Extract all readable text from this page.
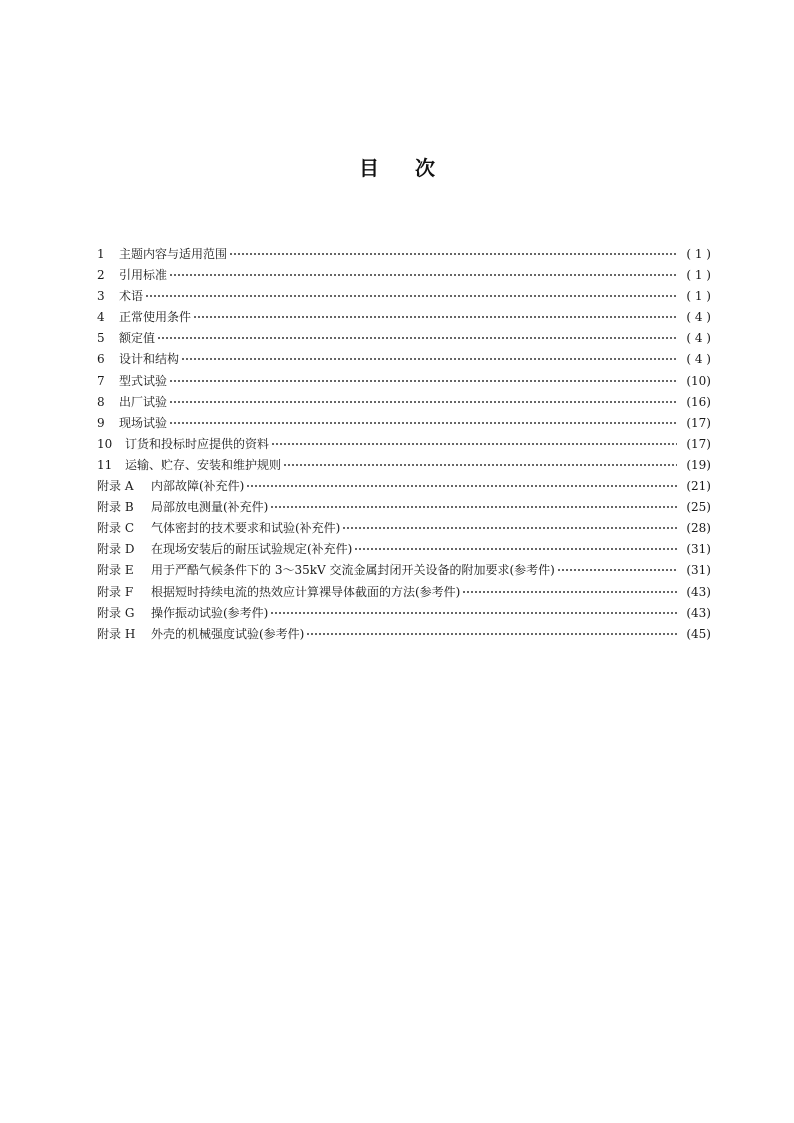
目 次
1	主题内容与适用范围	( 1 )
2	引用标准	( 1 )
3	术语	( 1 )
4	正常使用条件	( 4 )
5	额定值	( 4 )
6	设计和结构	( 4 )
7	型式试验	(10)
8	出厂试验	(16)
9	现场试验	(17)
10	订货和投标时应提供的资料	(17)
11	运输、贮存、安装和维护规则	(19)
附录 A	内部故障(补充件)	(21)
附录 B	局部放电测量(补充件)	(25)
附录 C	气体密封的技术要求和试验(补充件)	(28)
附录 D	在现场安装后的耐压试验规定(补充件)	(31)
附录 E	用于严酷气候条件下的 3～35kV 交流金属封闭开关设备的附加要求(参考件)	(31)
附录 F	根据短时持续电流的热效应计算裸导体截面的方法(参考件)	(43)
附录 G	操作振动试验(参考件)	(43)
附录 H	外壳的机械强度试验(参考件)	(45)
